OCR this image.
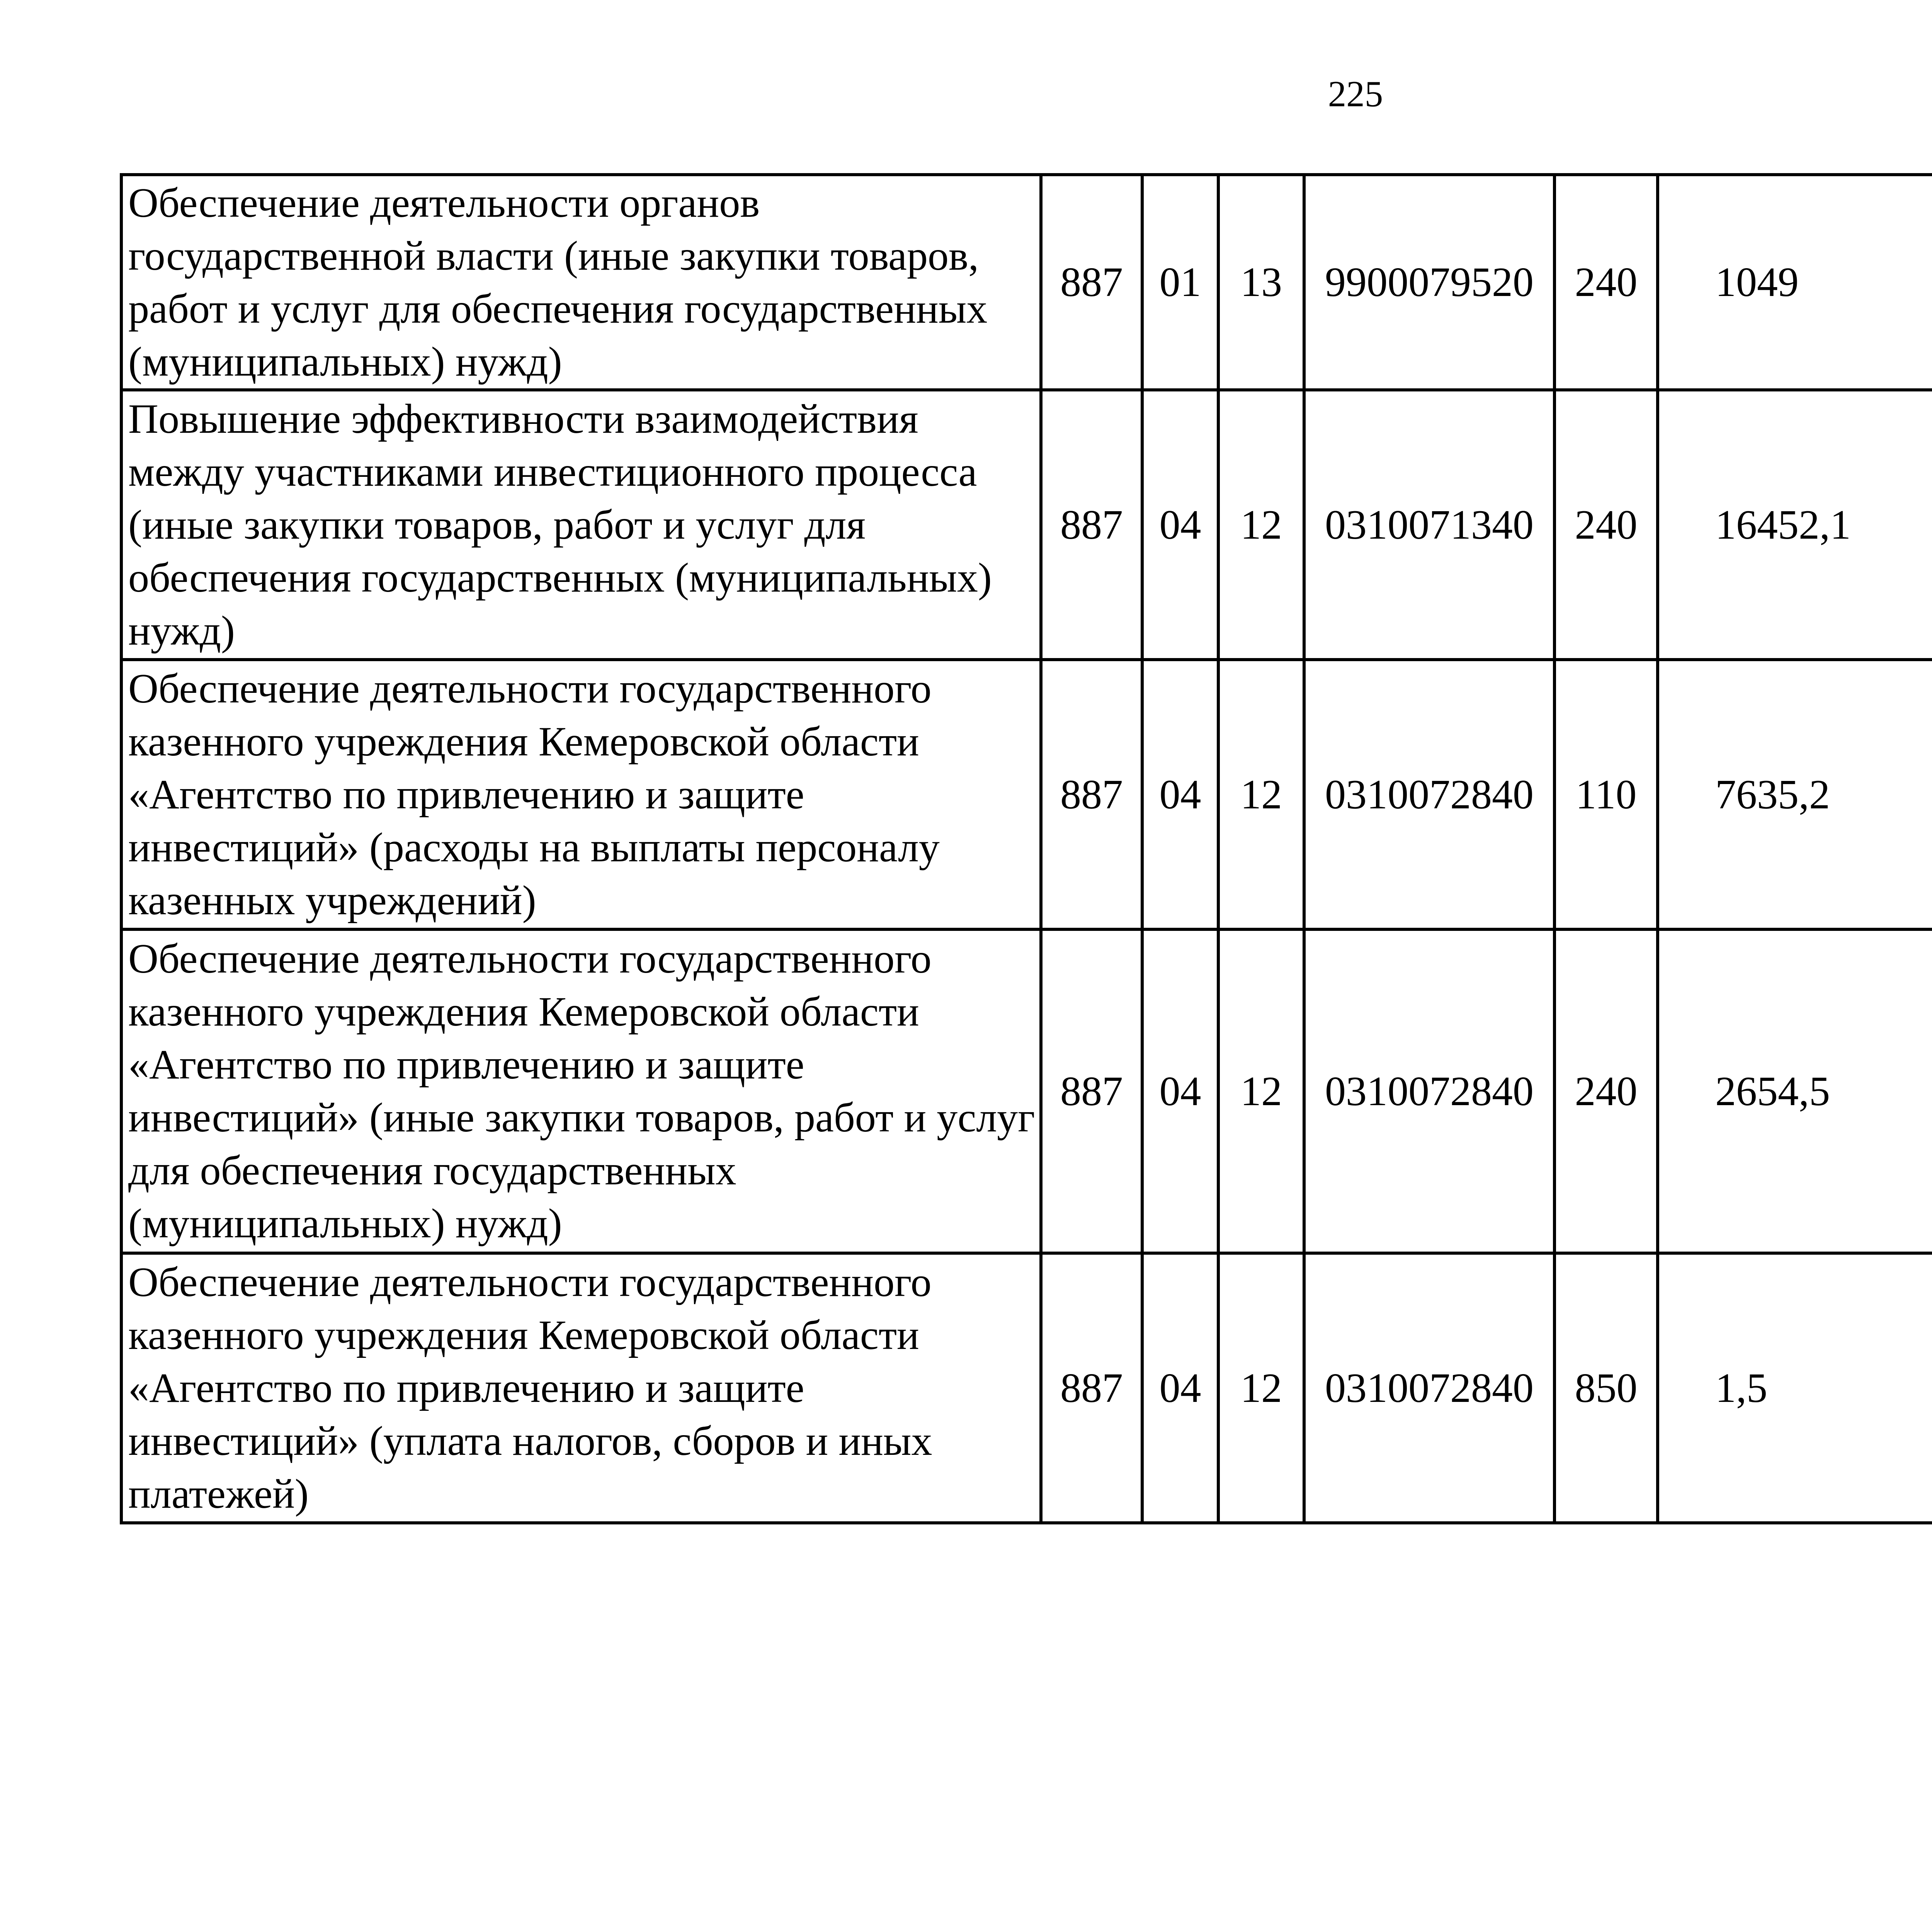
225
Обеспечение деятельности органов государственной власти (иные закупки товаров, работ и услуг для обеспечения государственных (муниципальных) нужд)	887	01	13	9900079520	240	1049		
Повышение эффективности взаимодействия между участниками инвестиционного процесса (иные закупки товаров, работ и услуг для обеспечения государственных (муниципальных) нужд)	887	04	12	0310071340	240	16452,1		
Обеспечение деятельности государственного казенного учреждения Кемеровской области «Агентство по привлечению и защите инвестиций» (расходы на выплаты персоналу казенных учреждений)	887	04	12	0310072840	110	7635,2		
Обеспечение деятельности государственного казенного учреждения Кемеровской области «Агентство по привлечению и защите инвестиций» (иные закупки товаров, работ и услуг для обеспечения государственных (муниципальных) нужд)	887	04	12	0310072840	240	2654,5		
Обеспечение деятельности государственного казенного учреждения Кемеровской области «Агентство по привлечению и защите инвестиций» (уплата налогов, сборов и иных платежей)	887	04	12	0310072840	850	1,5		
